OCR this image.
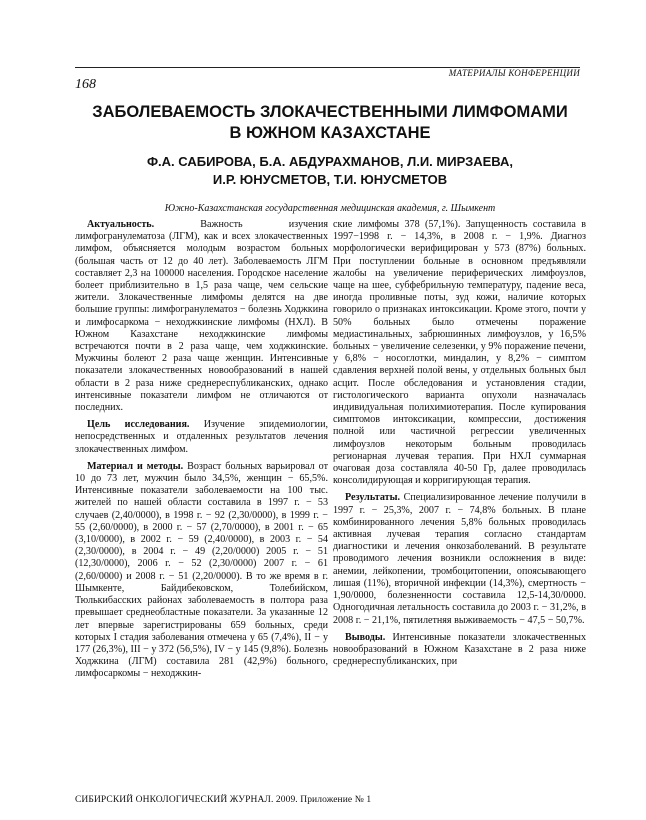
МАТЕРИАЛЫ КОНФЕРЕНЦИИ
168
ЗАБОЛЕВАЕМОСТЬ ЗЛОКАЧЕСТВЕННЫМИ ЛИМФОМАМИ
В ЮЖНОМ КАЗАХСТАНЕ
Ф.А. САБИРОВА, Б.А. АБДУРАХМАНОВ, Л.И. МИРЗАЕВА,
И.Р. ЮНУСМЕТОВ, Т.И. ЮНУСМЕТОВ
Южно-Казахстанская государственная медицинская академия, г. Шымкент

Актуальность. Важность изучения лимфогранулематоза (ЛГМ), как и всех злокачественных лимфом, объясняется молодым возрастом больных (большая часть от 12 до 40 лет). Заболеваемость ЛГМ составляет 2,3 на 100000 населения. Городское население болеет приблизительно в 1,5 раза чаще, чем сельские жители. Злокачественные лимфомы делятся на две большие группы: лимфогранулематоз − болезнь Ходжкина и лимфосаркома − неходжкинские лимфомы (НХЛ). В Южном Казахстане неходжкинские лимфомы встречаются почти в 2 раза чаще, чем ходжкинские. Мужчины болеют 2 раза чаще женщин. Интенсивные показатели злокачественных новообразований в нашей области в 2 раза ниже среднереспубликанских, однако интенсивные показатели лимфом не отличаются от последних.

Цель исследования. Изучение эпидемиологии, непосредственных и отдаленных результатов лечения злокачественных лимфом.

Материал и методы. Возраст больных варьировал от 10 до 73 лет, мужчин было 34,5%, женщин − 65,5%. Интенсивные показатели заболеваемости на 100 тыс. жителей по нашей области составила в 1997 г. − 53 случаев (2,40/0000), в 1998 г. − 92 (2,30/0000), в 1999 г. − 55 (2,60/0000), в 2000 г. − 57 (2,70/0000), в 2001 г. − 65 (3,10/0000), в 2002 г. − 59 (2,40/0000), в 2003 г. − 54 (2,30/0000), в 2004 г. − 49 (2,20/0000) 2005 г. − 51 (12,30/0000), 2006 г. − 52 (2,30/0000) 2007 г. − 61 (2,60/0000) и 2008 г. − 51 (2,20/0000). В то же время в г. Шымкенте, Байдибековском, Толебийском, Тюлькибасских районах заболеваемость в полтора раза превышает среднеобластные показатели. За указанные 12 лет впервые зарегистрированы 659 больных, среди которых I стадия заболевания отмечена у 65 (7,4%), II − у 177 (26,3%), III − у 372 (56,5%), IV − у 145 (9,8%). Болезнь Ходжкина (ЛГМ) составила 281 (42,9%) больного, лимфосаркомы − неходжкин-

ские лимфомы 378 (57,1%). Запущенность составила в 1997−1998 г. − 14,3%, в 2008 г. − 1,9%. Диагноз морфологически верифицирован у 573 (87%) больных. При поступлении больные в основном предъявляли жалобы на увеличение периферических лимфоузлов, чаще на шее, субфебрильную температуру, падение веса, иногда проливные поты, зуд кожи, наличие которых говорило о признаках интоксикации. Кроме этого, почти у 50% больных было отмечены поражение медиастинальных, забрюшинных лимфоузлов, у 16,5% больных − увеличение селезенки, у 9% поражение печени, у 6,8% − носоглотки, миндалин, у 8,2% − симптом сдавления верхней полой вены, у отдельных больных был асцит. После обследования и установления стадии, гистологического варианта опухоли назначалась индивидуальная полихимиотерапия. После купирования симптомов интоксикации, компрессии, достижения полной или частичной регрессии увеличенных лимфоузлов некоторым больным проводилась регионарная лучевая терапия. При НХЛ суммарная очаговая доза составляла 40-50 Гр, далее проводилась консолидирующая и корригирующая терапия.

Результаты. Специализированное лечение получили в 1997 г. − 25,3%, 2007 г. − 74,8% больных. В плане комбинированного лечения 5,8% больных проводилась активная лучевая терапия согласно стандартам диагностики и лечения онкозаболеваний. В результате проводимого лечения возникли осложнения в виде: анемии, лейкопении, тромбоцитопении, опоясывающего лишая (11%), вторичной инфекции (14,3%), смертность − 1,90/0000, болезненности составила 12,5-14,30/0000. Одногодичная летальность составила до 2003 г. − 31,2%, в 2008 г. − 21,1%, пятилетняя выживаемость − 47,5 − 50,7%.

Выводы. Интенсивные показатели злокачественных новообразований в Южном Казахстане в 2 раза ниже среднереспубликанских, при

СИБИРСКИЙ ОНКОЛОГИЧЕСКИЙ ЖУРНАЛ. 2009. Приложение № 1
